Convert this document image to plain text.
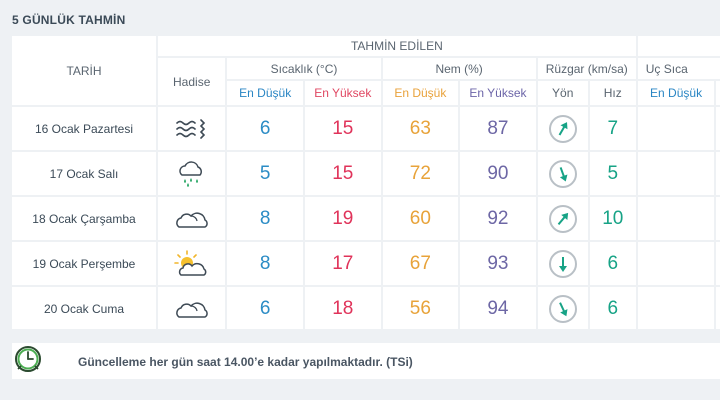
5 GÜNLÜK TAHMİN
TARİH	TAHMİN EDİLEN								
	Hadise	Sıcaklık (°C)		Nem (%)		Rüzgar (km/sa)		Uç Sıca	
		En Düşük	En Yüksek	En Düşük	En Yüksek	Yön	Hız	En Düşük	
16 Ocak Pazartesi		6	15	63	87		7		
17 Ocak Salı		5	15	72	90		5		
18 Ocak Çarşamba		8	19	60	92		10		
19 Ocak Perşembe		8	17	67	93		6		
20 Ocak Cuma		6	18	56	94		6		
Güncelleme her gün saat 14.00’e kadar yapılmaktadır. (TSi)
